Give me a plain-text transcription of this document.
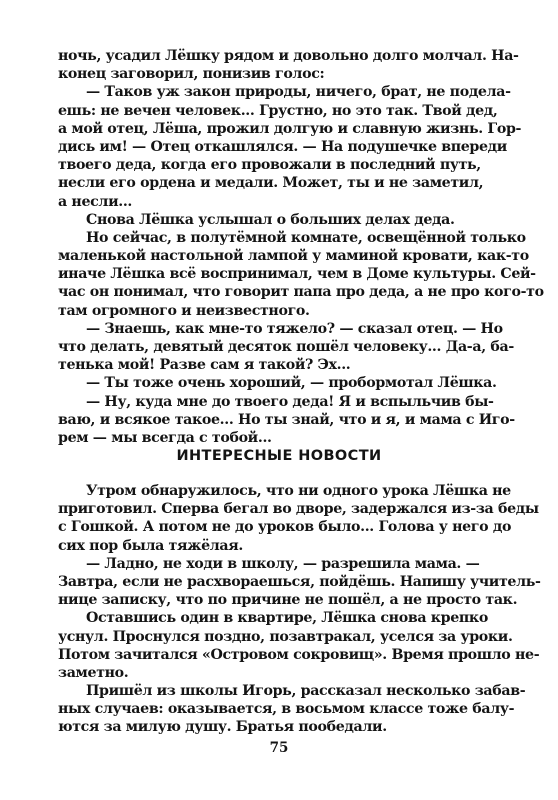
ночь, усадил Лёшку рядом и довольно долго молчал. На-
конец заговорил, понизив голос:
— Таков уж закон природы, ничего, брат, не подела-
ешь: не вечен человек... Грустно, но это так. Твой дед,
а мой отец, Лёша, прожил долгую и славную жизнь. Гор-
дись им! — Отец откашлялся. — На подушечке впереди
твоего деда, когда его провожали в последний путь,
несли его ордена и медали. Может, ты и не заметил,
а несли...
Снова Лёшка услышал о больших делах деда.
Но сейчас, в полутёмной комнате, освещённой только
маленькой настольной лампой у маминой кровати, как-то
иначе Лёшка всё воспринимал, чем в Доме культуры. Сей-
час он понимал, что говорит папа про деда, а не про кого-то
там огромного и неизвестного.
— Знаешь, как мне-то тяжело? — сказал отец. — Но
что делать, девятый десяток пошёл человеку... Да-а, ба-
тенька мой! Разве сам я такой? Эх...
— Ты тоже очень хороший, — пробормотал Лёшка.
— Ну, куда мне до твоего деда! Я и вспыльчив бы-
ваю, и всякое такое... Но ты знай, что и я, и мама с Иго-
рем — мы всегда с тобой...
ИНТЕРЕСНЫЕ НОВОСТИ
Утром обнаружилось, что ни одного урока Лёшка не
приготовил. Сперва бегал во дворе, задержался из-за беды
с Гошкой. А потом не до уроков было... Голова у него до
сих пор была тяжёлая.
— Ладно, не ходи в школу, — разрешила мама. —
Завтра, если не расхвораешься, пойдёшь. Напишу учитель-
нице записку, что по причине не пошёл, а не просто так.
Оставшись один в квартире, Лёшка снова крепко
уснул. Проснулся поздно, позавтракал, уселся за уроки.
Потом зачитался «Островом сокровищ». Время прошло не-
заметно.
Пришёл из школы Игорь, рассказал несколько забав-
ных случаев: оказывается, в восьмом классе тоже балу-
ются за милую душу. Братья пообедали.
75
